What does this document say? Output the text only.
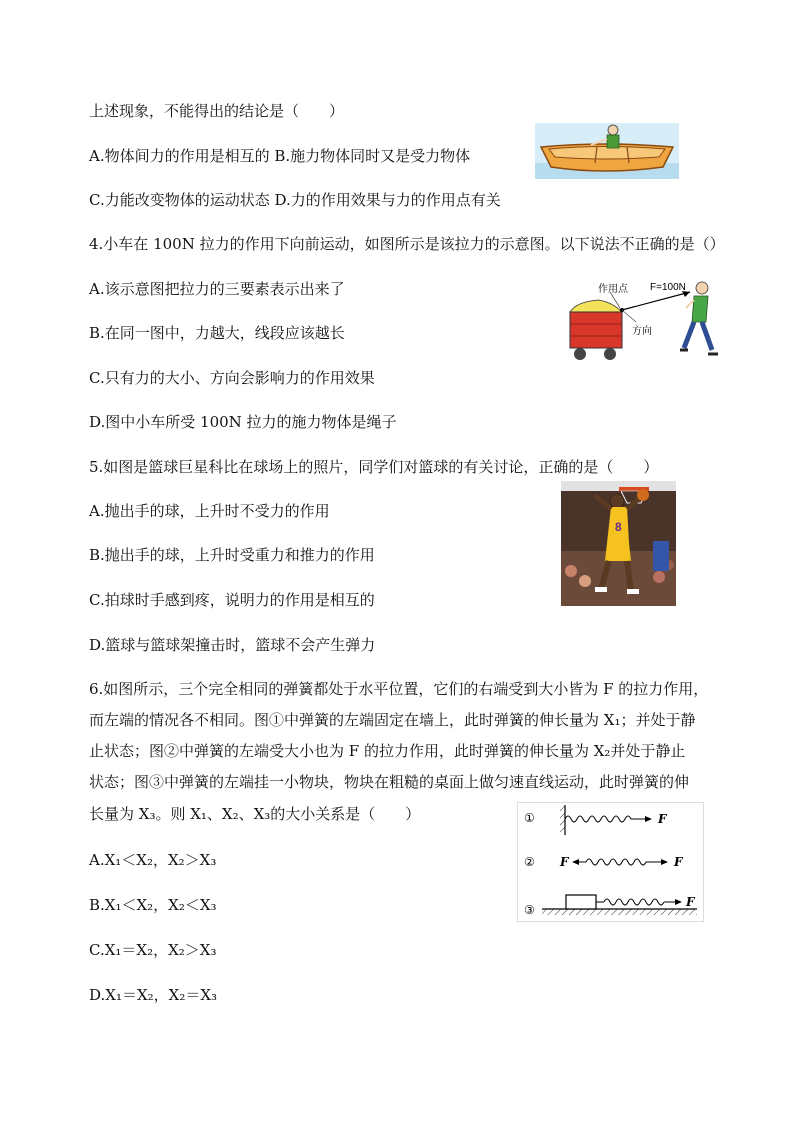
上述现象，不能得出的结论是（　　）
A.物体间力的作用是相互的 B.施力物体同时又是受力物体
C.力能改变物体的运动状态 D.力的作用效果与力的作用点有关
4.小车在 100N 拉力的作用下向前运动，如图所示是该拉力的示意图。以下说法不正确的是（）
A.该示意图把拉力的三要素表示出来了
B.在同一图中，力越大，线段应该越长
C.只有力的大小、方向会影响力的作用效果
D.图中小车所受 100N 拉力的施力物体是绳子
作用点 F=100N
方向
5.如图是篮球巨星科比在球场上的照片，同学们对篮球的有关讨论，正确的是（　　）
A.抛出手的球，上升时不受力的作用
B.抛出手的球，上升时受重力和推力的作用
C.拍球时手感到疼，说明力的作用是相互的
D.篮球与篮球架撞击时，篮球不会产生弹力
8
6.如图所示，三个完全相同的弹簧都处于水平位置，它们的右端受到大小皆为 F 的拉力作用，
而左端的情况各不相同。图①中弹簧的左端固定在墙上，此时弹簧的伸长量为 X₁；并处于静
止状态；图②中弹簧的左端受大小也为 F 的拉力作用，此时弹簧的伸长量为 X₂并处于静止
状态；图③中弹簧的左端挂一小物块，物块在粗糙的桌面上做匀速直线运动，此时弹簧的伸
长量为 X₃。则 X₁、X₂、X₃的大小关系是（　　）
A.X₁＜X₂，X₂＞X₃
B.X₁＜X₂，X₂＜X₃
C.X₁＝X₂，X₂＞X₃
D.X₁＝X₂，X₂＝X₃
①	F
② F	F
③
F
